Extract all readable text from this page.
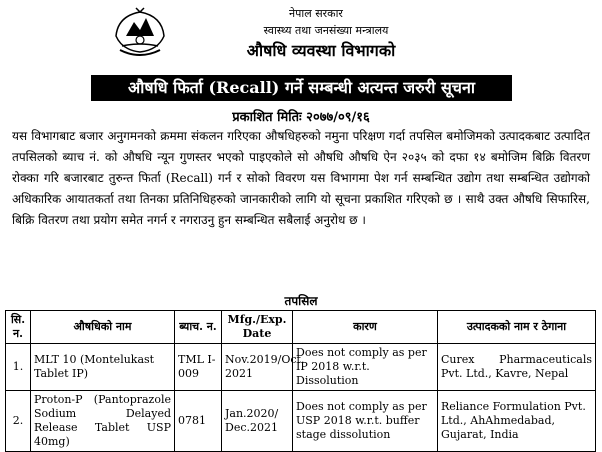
नेपाल सरकार
स्वास्थ्य तथा जनसंख्या मन्त्रालय
औषधि व्यवस्था विभागको
औषधि फिर्ता (Recall) गर्ने सम्बन्धी अत्यन्त जरुरी सूचना
प्रकाशित मितिः २०७७/०९/१६

यस विभागबाट बजार अनुगमनको क्रममा संकलन गरिएका औषधिहरुको नमुना परिक्षण गर्दा तपसिल बमोजिमको उत्पादकबाट उत्पादित तपसिलको ब्याच नं. को औषधि न्यून गुणस्तर भएको पाइएकोले सो औषधि औषधि ऐन २०३५ को दफा १४ बमोजिम बिक्रि वितरण रोक्का गरि बजारबाट तुरुन्त फिर्ता (Recall) गर्न र सोको विवरण यस विभागमा पेश गर्न सम्बन्धित उद्योग तथा सम्बन्धित उद्योगको अधिकारिक आयातकर्ता तथा तिनका प्रतिनिधिहरुको जानकारीको लागि यो सूचना प्रकाशित गरिएको छ । साथै उक्त औषधि सिफारिस, बिक्रि वितरण तथा प्रयोग समेत नगर्न र नगराउनु हुन सम्बन्धित सबैलाई अनुरोध छ ।

तपसिल
सि. न.	औषधिको नाम	ब्याच. न.	Mfg./Exp. Date	कारण	उत्पादकको नाम र ठेगाना
1.	MLT 10 (Montelukast Tablet IP)	TML I-009	Nov.2019/Oct. 2021	Does not comply as per IP 2018 w.r.t. Dissolution	Curex Pharmaceuticals Pvt. Ltd., Kavre, Nepal
2.	Proton-P (Pantoprazole Sodium Delayed Release Tablet USP 40mg)	0781	Jan.2020/ Dec.2021	Does not comply as per USP 2018 w.r.t. buffer stage dissolution	Reliance Formulation Pvt. Ltd., AhAhmedabad, Gujarat, India
